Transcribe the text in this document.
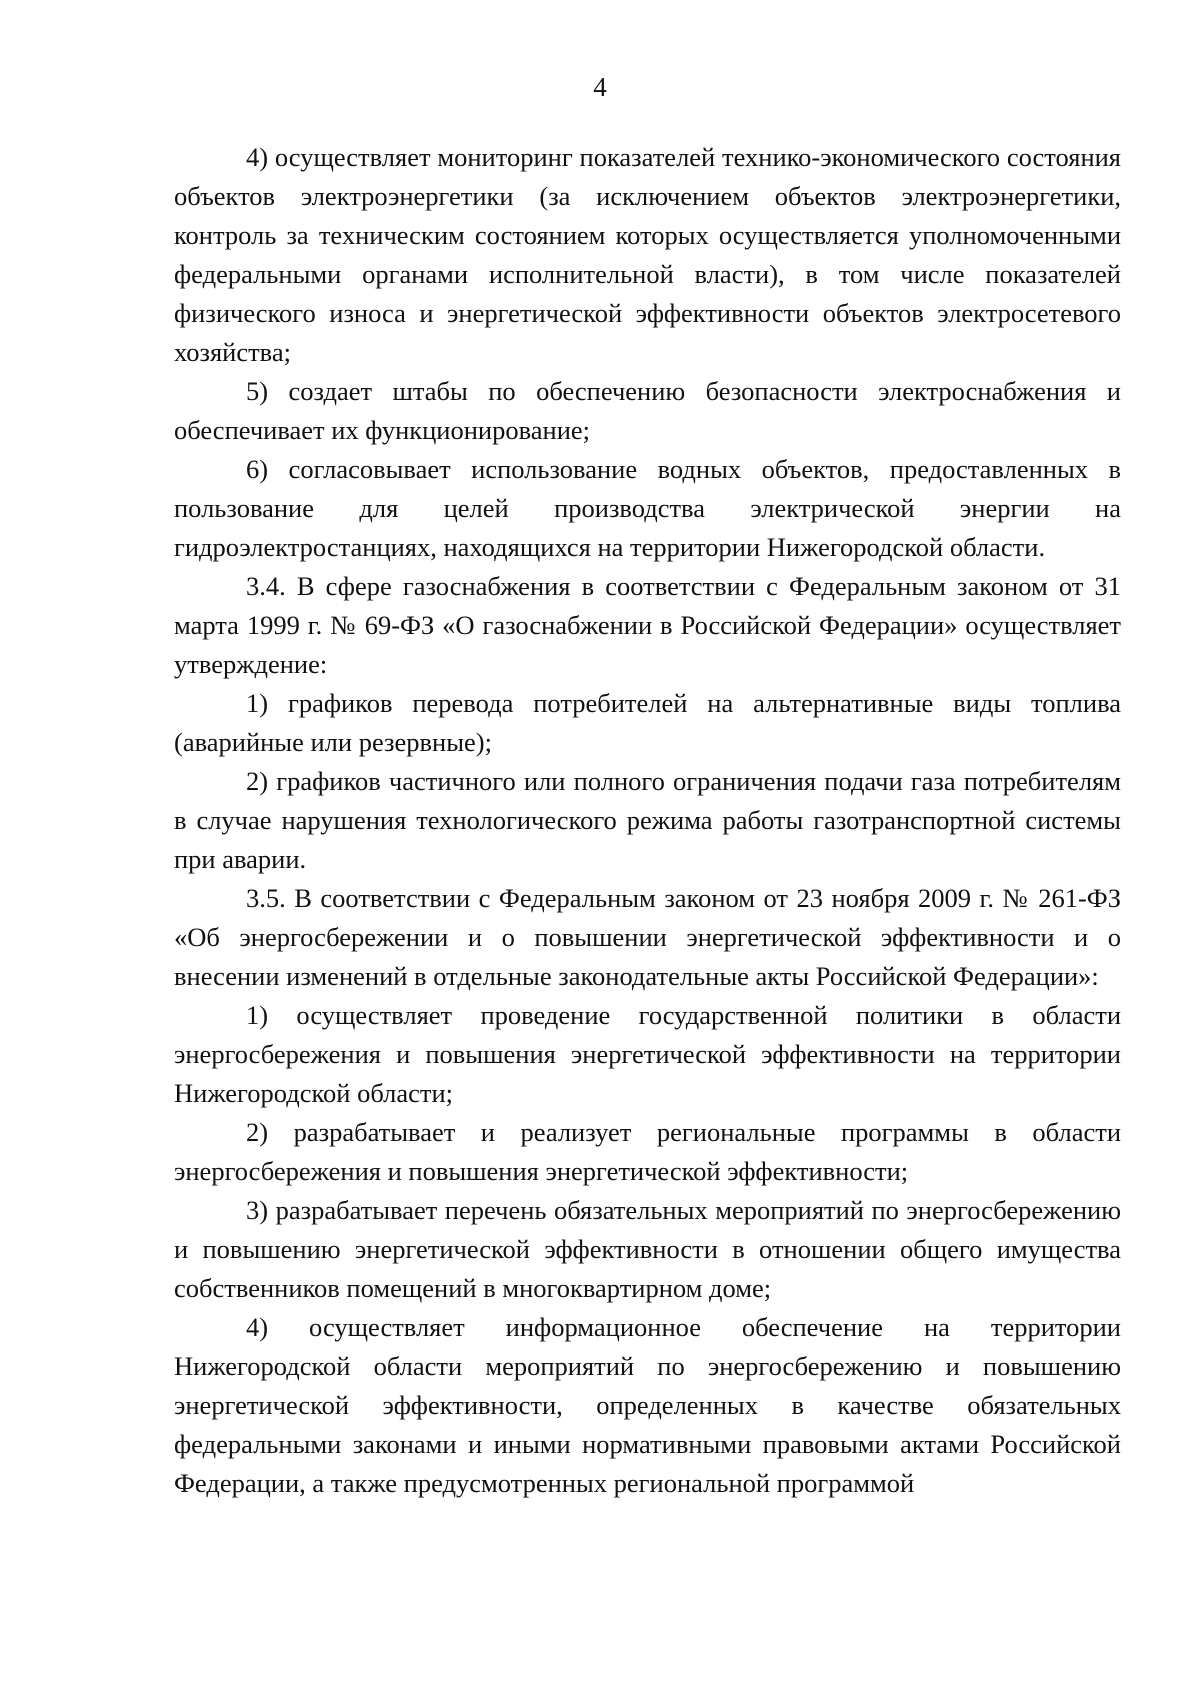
4

4) осуществляет мониторинг показателей технико-экономического состояния объектов электроэнергетики (за исключением объектов электроэнергетики, контроль за техническим состоянием которых осуществляется уполномоченными федеральными органами исполнительной власти), в том числе показателей физического износа и энергетической эффективности объектов электросетевого хозяйства;

5) создает штабы по обеспечению безопасности электроснабжения и обеспечивает их функционирование;

6) согласовывает использование водных объектов, предоставленных в пользование для целей производства электрической энергии на гидроэлектростанциях, находящихся на территории Нижегородской области.

3.4. В сфере газоснабжения в соответствии с Федеральным законом от 31 марта 1999 г. № 69-ФЗ «О газоснабжении в Российской Федерации» осуществляет утверждение:

1) графиков перевода потребителей на альтернативные виды топлива (аварийные или резервные);

2) графиков частичного или полного ограничения подачи газа потребителям в случае нарушения технологического режима работы газотранспортной системы при аварии.

3.5. В соответствии с Федеральным законом от 23 ноября 2009 г. № 261-ФЗ «Об энергосбережении и о повышении энергетической эффективности и о внесении изменений в отдельные законодательные акты Российской Федерации»:

1) осуществляет проведение государственной политики в области энергосбережения и повышения энергетической эффективности на территории Нижегородской области;

2) разрабатывает и реализует региональные программы в области энергосбережения и повышения энергетической эффективности;

3) разрабатывает перечень обязательных мероприятий по энергосбережению и повышению энергетической эффективности в отношении общего имущества собственников помещений в многоквартирном доме;

4) осуществляет информационное обеспечение на территории Нижегородской области мероприятий по энергосбережению и повышению энергетической эффективности, определенных в качестве обязательных федеральными законами и иными нормативными правовыми актами Российской Федерации, а также предусмотренных региональной программой
